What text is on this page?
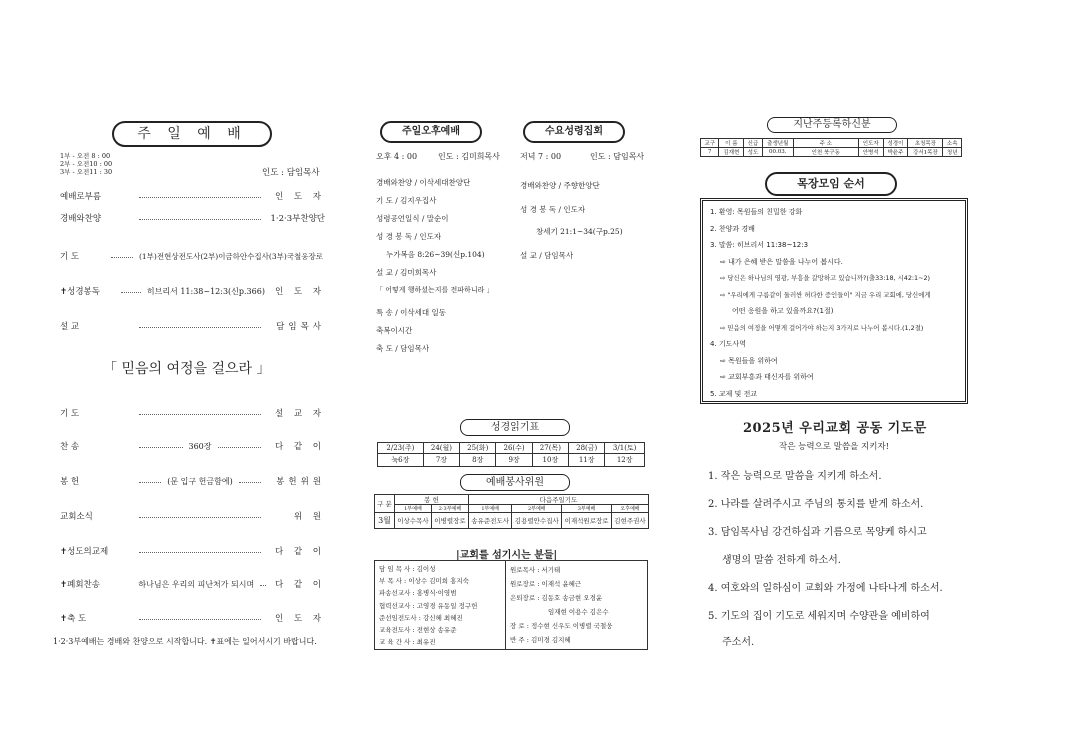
주 일 예 배
1부 - 오전 8 : 00
2부 - 오전10 : 00
3부 - 오전11 : 30	인도 : 담임목사
예배로부름	인 도 자
경배와찬양	1·2·3부찬양단
기 도	(1부)전현상전도사(2부)이금하안수집사(3부)국철웅장로
✝성경봉독	히브리서 11:38~12:3(신p.366) 인 도 자
설 교	담임목사
「 믿음의 여정을 걸으라 」
기 도	설 교 자
찬 송	360장	다 같 이
봉 헌	(문 입구 헌금함에)	봉헌위원
교회소식	위 원
✝성도의교제	다 같 이
✝폐회찬송	하나님은 우리의 피난처가 되시며	다 같 이
✝축 도	인 도 자
1·2·3부예배는 경배와 찬양으로 시작합니다. ✝표에는 일어서시기 바랍니다.
주일오후예배	수요성령집회
오후 4 : 00	인도 : 김미희목사
경배와찬양 / 이삭세대찬양단
기 도 / 김지우집사
성령공언일식 / 말순이
성 경 봉 독 / 인도자
누가복음 8:26~39(신p.104)
설 교 / 김미희목사
「 어떻게 행하셨는지를 전파하니라 」
특 송 / 이삭세대 일동
축복이시간
축 도 / 담임목사
저녁 7 : 00	인도 : 담임목사
경배와찬양 / 주향한양단
성 경 봉 독 / 인도자
창세기 21:1~34(구p.25)
설 교 / 담임목사
성경읽기표
2/23(주)	24(월)	25(화)	26(수)	27(목)	28(금)	3/1(토)
눅6장	7장	8장	9장	10장	11장	12장
예배봉사위원
구 분	봉 헌		다음주일기도			
	1부예배	2·3부예배	1부예배	2부예배	3부예배	오후예배
3월	이상수목사	이병렬장로	송유준전도사	김용렬안수집사	이재석원로장로	김현주권사
|교회를 섬기시는 분들|
담 임 목 사 : 김이성
부 목 사 : 이상수 김미희 홍지숙
파송선교사 : 홍병식·이영범
협력선교사 : 고영경 유동일 정구헌
준선임전도사 : 강신혜 최혜진
교육전도사 : 전현상 송유준
교 육 간 사 : 최유진
원로목사 : 서기태
원로장로 : 이재석 윤혜근
은퇴장로 : 김동호 송금현 오경윤
임재현 이용수 김은수
장 로 : 정수현 신우도 이병렬 국철웅
반 주 : 김미경 김지혜
지난주등록하신분
교구	이 름	신급	출생년월	주 소	인도자	성경이	초청목장	소속
7	김재현	성도	00.03.	인천 북구동	안병석	박윤주	강서1목장	청년
목장모임 순서
1. 환영: 목원들의 친밀한 강화
2. 찬양과 경배
3. 말씀: 히브리서 11:38~12:3
⇨ 내가 은혜 받은 말씀을 나누어 봅시다.
⇨ 당신은 하나님의 영광, 부흥을 갈망하고 있습니까?(출33:18, 시42:1~2)
⇨ "우리에게 구름같이 둘러싼 허다한 증인들이" 지금 우리 교회에, 당신에게
어떤 응원을 하고 있을까요?(1절)
⇨ 믿음의 여정을 어떻게 걸어가야 하는지 3가지로 나누어 봅시다.(1,2절)
4. 기도사역
⇨ 목원들을 위하여
⇨ 교회부흥과 태신자를 위하여
5. 교제 및 전교
2025년 우리교회 공동 기도문
작은 능력으로 말씀을 지키자!
1. 작은 능력으로 말씀을 지키게 하소서.
2. 나라를 살려주시고 주님의 통치를 받게 하소서.
3. 담임목사님 강건하십과 기름으로 목양케 하시고
생명의 말씀 전하게 하소서.
4. 여호와의 일하심이 교회와 가정에 나타나게 하소서.
5. 기도의 집이 기도로 세워지며 수양관을 예비하여
주소서.
